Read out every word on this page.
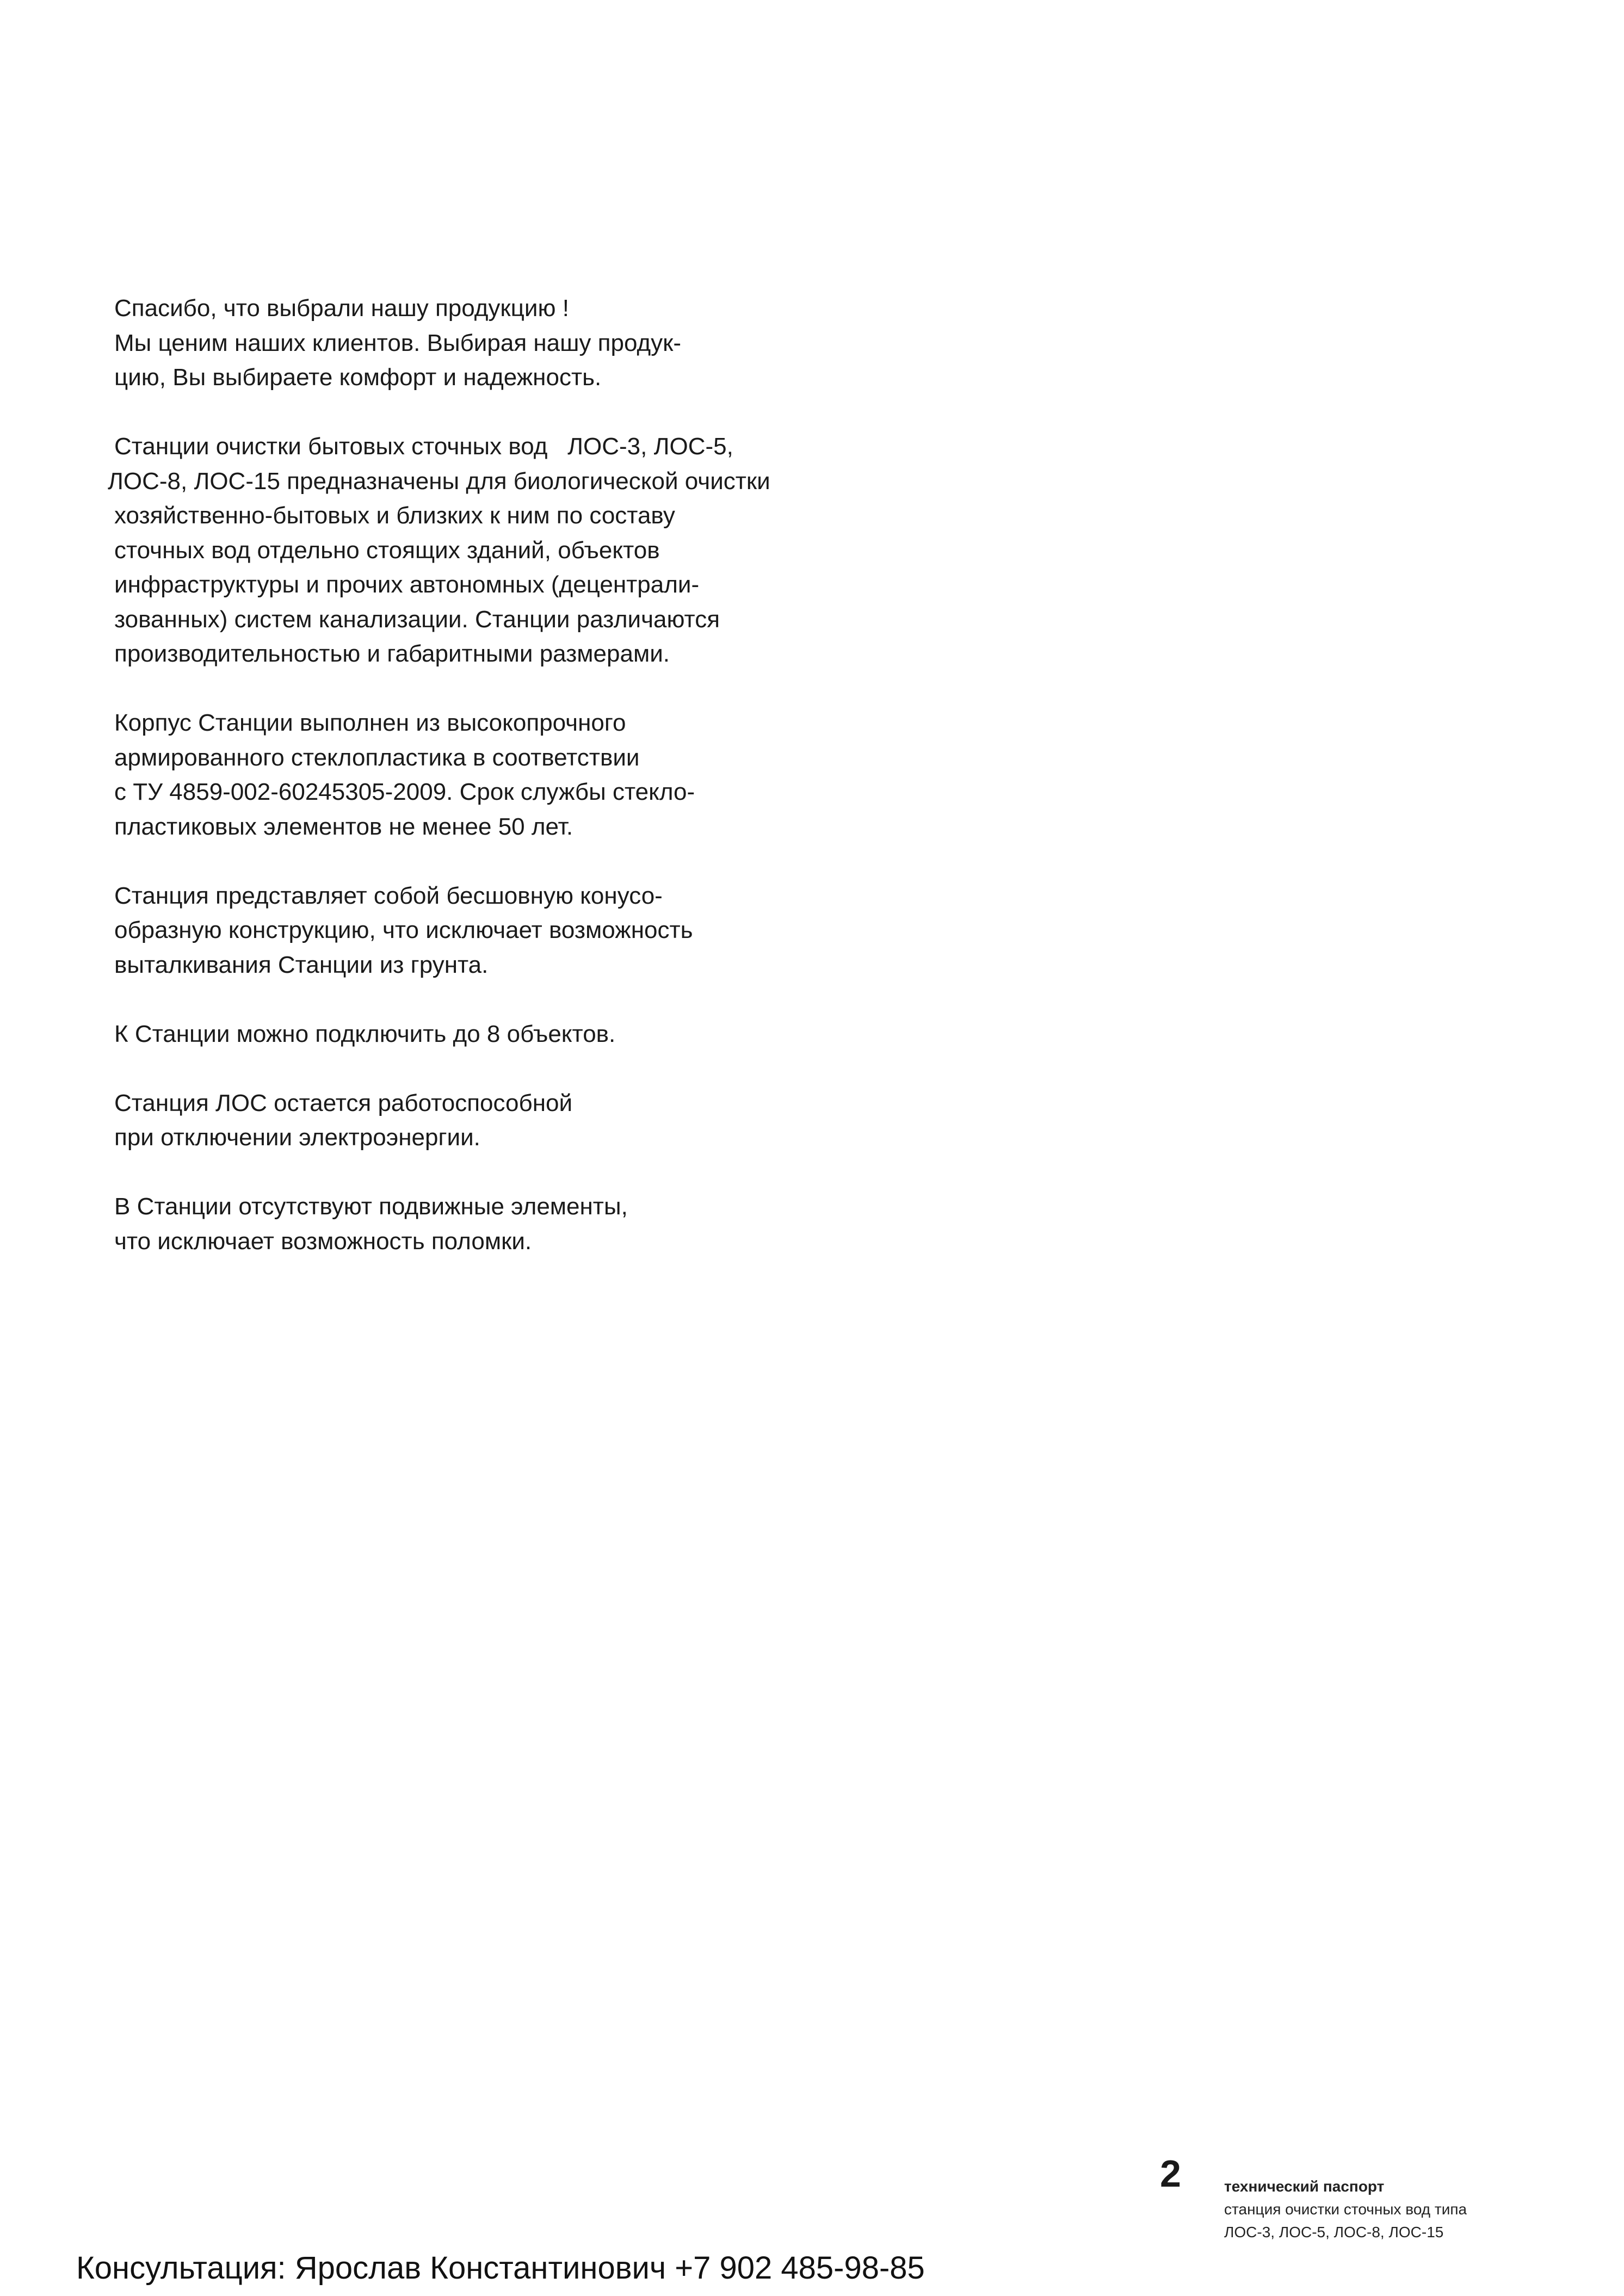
Спасибо, что выбрали нашу продукцию !
Мы ценим наших клиентов. Выбирая нашу продук-
цию, Вы выбираете комфорт и надежность.
Станции очистки бытовых сточных вод   ЛОС-3, ЛОС-5,
ЛОС-8, ЛОС-15 предназначены для биологической очистки
хозяйственно-бытовых и близких к ним по составу
сточных вод отдельно стоящих зданий, объектов
инфраструктуры и прочих автономных (децентрали-
зованных) систем канализации. Станции различаются
производительностью и габаритными размерами.
Корпус Станции выполнен из высокопрочного
армированного стеклопластика в соответствии
с ТУ 4859-002-60245305-2009. Срок службы стекло-
пластиковых элементов не менее 50 лет.
Станция представляет собой бесшовную конусо-
образную конструкцию, что исключает возможность
выталкивания Станции из грунта.
К Станции можно подключить до 8 объектов.
Станция ЛОС остается работоспособной
при отключении электроэнергии.
В Станции отсутствуют подвижные элементы,
что исключает возможность поломки.
2	технический паспорт
станция очистки сточных вод типа
ЛОС-3, ЛОС-5, ЛОС-8, ЛОС-15
Консультация: Ярослав Константинович +7 902 485-98-85
